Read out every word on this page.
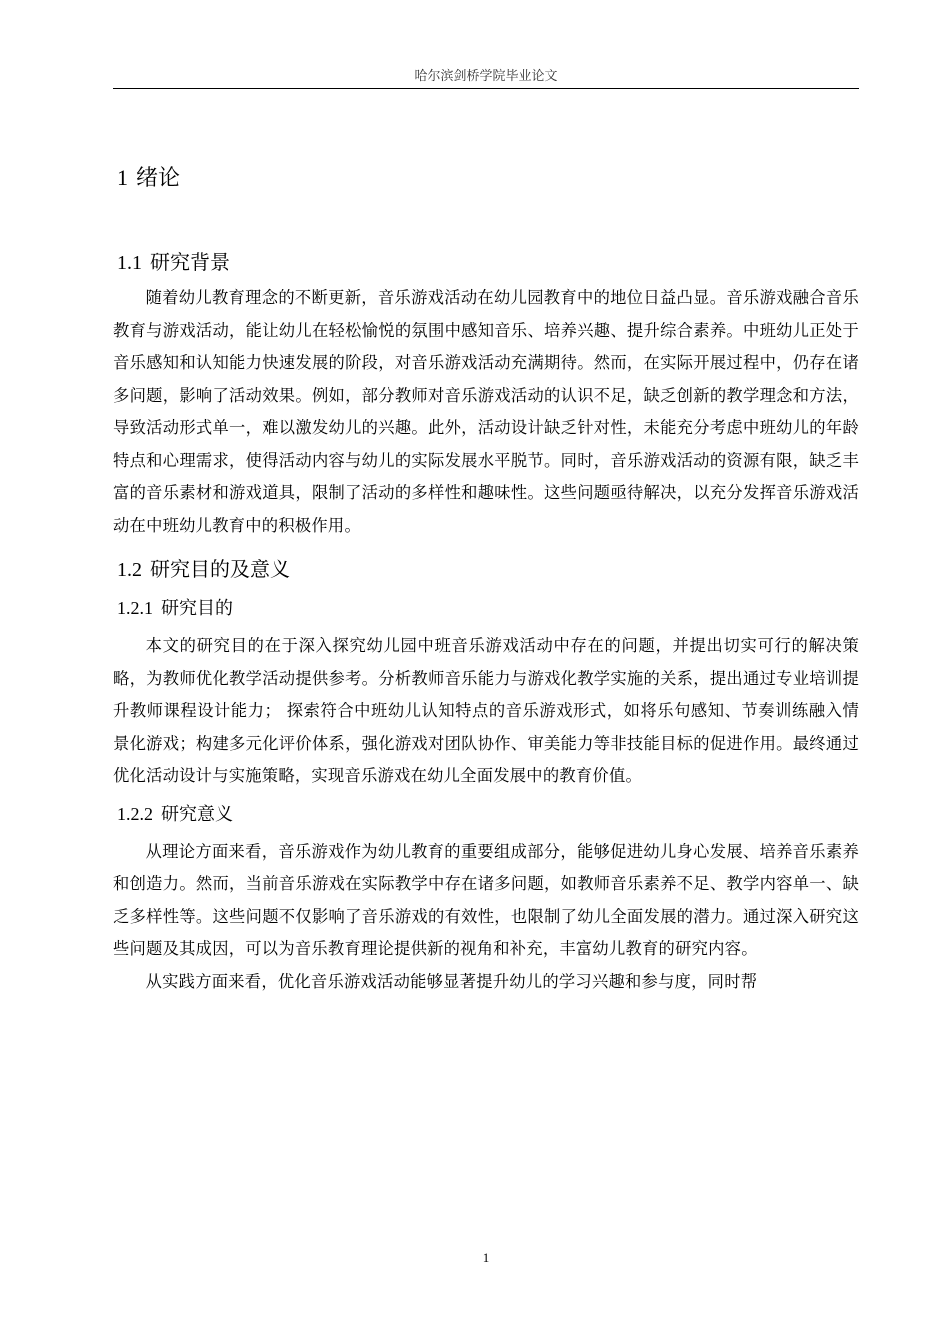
哈尔滨剑桥学院毕业论文
1 绪论
1.1 研究背景

随着幼儿教育理念的不断更新，音乐游戏活动在幼儿园教育中的地位日益凸显。音乐游戏融合音乐教育与游戏活动，能让幼儿在轻松愉悦的氛围中感知音乐、培养兴趣、提升综合素养。中班幼儿正处于音乐感知和认知能力快速发展的阶段，对音乐游戏活动充满期待。然而，在实际开展过程中，仍存在诸多问题，影响了活动效果。例如，部分教师对音乐游戏活动的认识不足，缺乏创新的教学理念和方法，导致活动形式单一，难以激发幼儿的兴趣。此外，活动设计缺乏针对性，未能充分考虑中班幼儿的年龄特点和心理需求，使得活动内容与幼儿的实际发展水平脱节。同时，音乐游戏活动的资源有限，缺乏丰富的音乐素材和游戏道具，限制了活动的多样性和趣味性。这些问题亟待解决，以充分发挥音乐游戏活动在中班幼儿教育中的积极作用。

1.2 研究目的及意义
1.2.1 研究目的

本文的研究目的在于深入探究幼儿园中班音乐游戏活动中存在的问题，并提出切实可行的解决策略，为教师优化教学活动提供参考。分析教师音乐能力与游戏化教学实施的关系，提出通过专业培训提升教师课程设计能力； 探索符合中班幼儿认知特点的音乐游戏形式，如将乐句感知、节奏训练融入情景化游戏；构建多元化评价体系，强化游戏对团队协作、审美能力等非技能目标的促进作用。最终通过优化活动设计与实施策略，实现音乐游戏在幼儿全面发展中的教育价值。

1.2.2 研究意义

从理论方面来看，音乐游戏作为幼儿教育的重要组成部分，能够促进幼儿身心发展、培养音乐素养和创造力。然而，当前音乐游戏在实际教学中存在诸多问题，如教师音乐素养不足、教学内容单一、缺乏多样性等。这些问题不仅影响了音乐游戏的有效性，也限制了幼儿全面发展的潜力。通过深入研究这些问题及其成因，可以为音乐教育理论提供新的视角和补充，丰富幼儿教育的研究内容。

从实践方面来看，优化音乐游戏活动能够显著提升幼儿的学习兴趣和参与度，同时帮

1
